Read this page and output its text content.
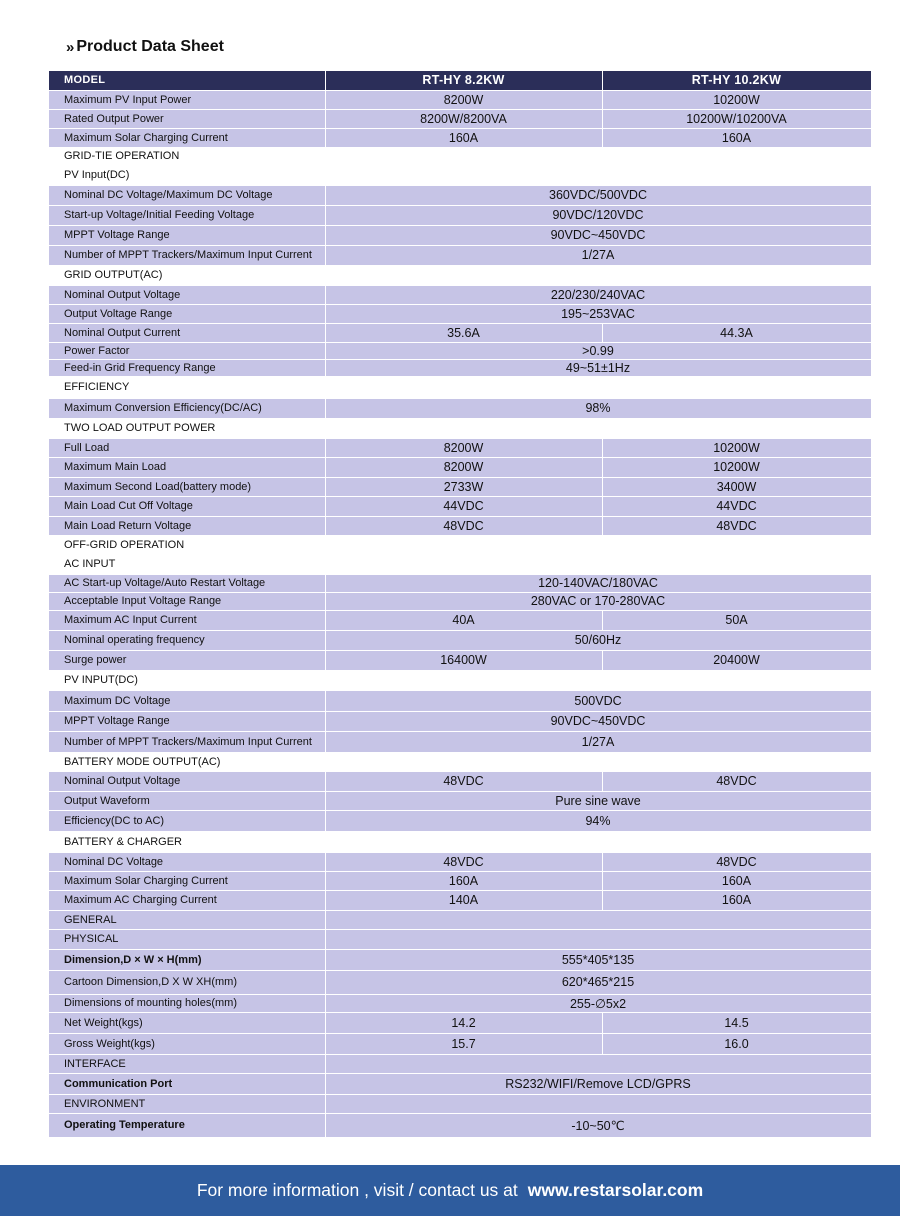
» Product Data Sheet
MODEL	RT-HY 8.2KW	RT-HY 10.2KW
Maximum PV Input Power	8200W	10200W
Rated Output Power	8200W/8200VA	10200W/10200VA
Maximum Solar Charging Current	160A	160A
GRID-TIE OPERATION		
PV Input(DC)		
Nominal DC Voltage/Maximum DC Voltage	360VDC/500VDC	
Start-up Voltage/Initial Feeding Voltage	90VDC/120VDC	
MPPT Voltage Range	90VDC~450VDC	
Number of MPPT Trackers/Maximum Input Current	1/27A	
GRID OUTPUT(AC)		
Nominal Output Voltage	220/230/240VAC	
Output Voltage Range	195~253VAC	
Nominal Output Current	35.6A	44.3A
Power Factor	>0.99	
Feed-in Grid Frequency Range	49~51±1Hz	
EFFICIENCY		
Maximum Conversion Efficiency(DC/AC)	98%	
TWO LOAD OUTPUT POWER		
Full Load	8200W	10200W
Maximum Main Load	8200W	10200W
Maximum Second Load(battery mode)	2733W	3400W
Main Load Cut Off Voltage	44VDC	44VDC
Main Load Return Voltage	48VDC	48VDC
OFF-GRID OPERATION		
AC INPUT		
AC Start-up Voltage/Auto Restart Voltage	120-140VAC/180VAC	
Acceptable Input Voltage Range	280VAC or 170-280VAC	
Maximum AC Input Current	40A	50A
Nominal operating frequency	50/60Hz	
Surge power	16400W	20400W
PV INPUT(DC)		
Maximum DC Voltage	500VDC	
MPPT Voltage Range	90VDC~450VDC	
Number of MPPT Trackers/Maximum Input Current	1/27A	
BATTERY MODE OUTPUT(AC)		
Nominal Output Voltage	48VDC	48VDC
Output Waveform	Pure sine wave	
Efficiency(DC to AC)	94%	
BATTERY & CHARGER		
Nominal DC Voltage	48VDC	48VDC
Maximum Solar Charging Current	160A	160A
Maximum AC Charging Current	140A	160A
GENERAL		
PHYSICAL		
Dimension,D × W × H(mm)	555*405*135	
Cartoon Dimension,D X W XH(mm)	620*465*215	
Dimensions of mounting holes(mm)	255-∅5x2	
Net Weight(kgs)	14.2	14.5
Gross Weight(kgs)	15.7	16.0
INTERFACE		
Communication Port	RS232/WIFI/Remove LCD/GPRS	
ENVIRONMENT		
Operating Temperature	-10~50℃	
For more information , visit / contact us at www.restarsolar.com
